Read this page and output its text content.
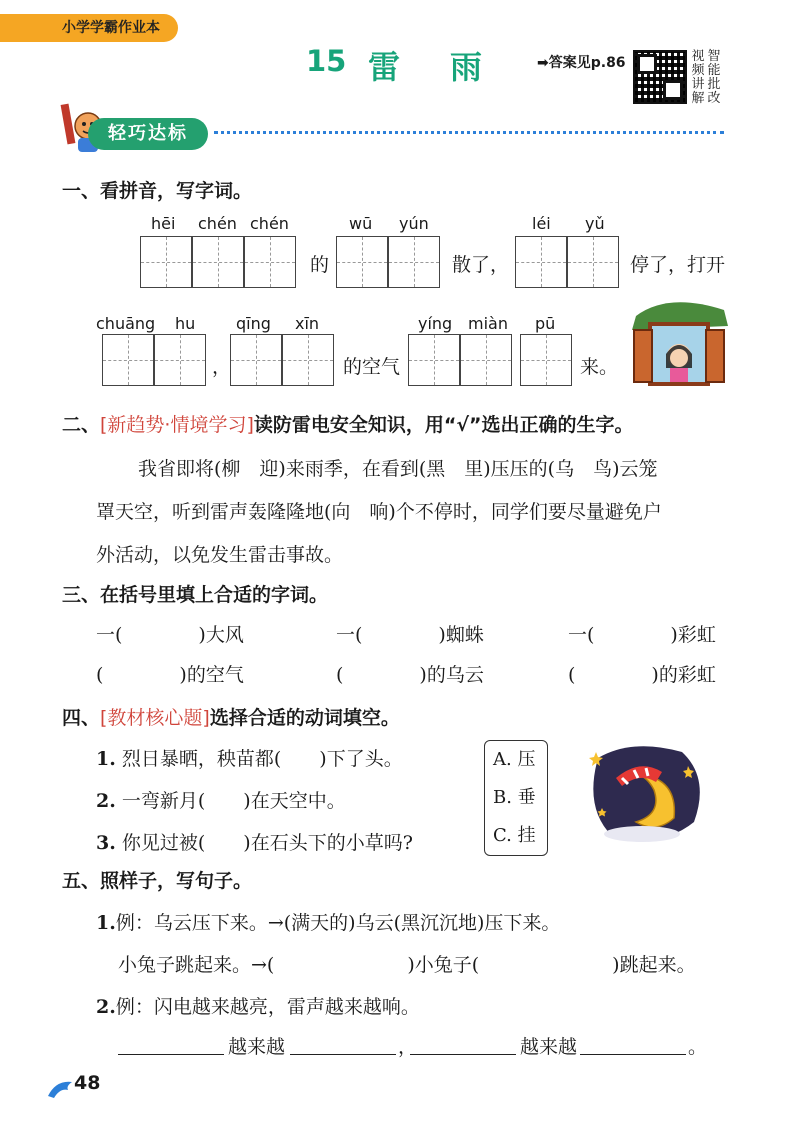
小学学霸作业本
15 雷雨 ➡答案见p.86	视频讲解
智能批改
轻巧达标
一、看拼音，写字词。
hēi chén chén
的
wū yún
散了，
léi yǔ
停了，打开
chuāng hu
，
qīng xīn
的空气
yíng miàn pū
来。
二、[新趋势·情境学习]读防雷电安全知识，用“√”选出正确的生字。
我省即将(柳　迎)来雨季，在看到(黑　里)压压的(乌　鸟)云笼
罩天空，听到雷声轰隆隆地(向　响)个不停时，同学们要尽量避免户
外活动，以免发生雷击事故。
三、在括号里填上合适的字词。
一(　　　　)大风	一(　　　　)蜘蛛	一(　　　　)彩虹
(　　　　)的空气	(　　　　)的乌云	(　　　　)的彩虹
四、[教材核心题]选择合适的动词填空。
1. 烈日暴晒，秧苗都(　　)下了头。
2. 一弯新月(　　)在天空中。
3. 你见过被(　　)在石头下的小草吗?
A. 压
B. 垂
C. 挂
五、照样子，写句子。
1.例：乌云压下来。→(满天的)乌云(黑沉沉地)压下来。
小兔子跳起来。→(　　　　　　　)小兔子(　　　　　　　)跳起来。
2.例：闪电越来越亮，雷声越来越响。
越来越	，	越来越	。
48
